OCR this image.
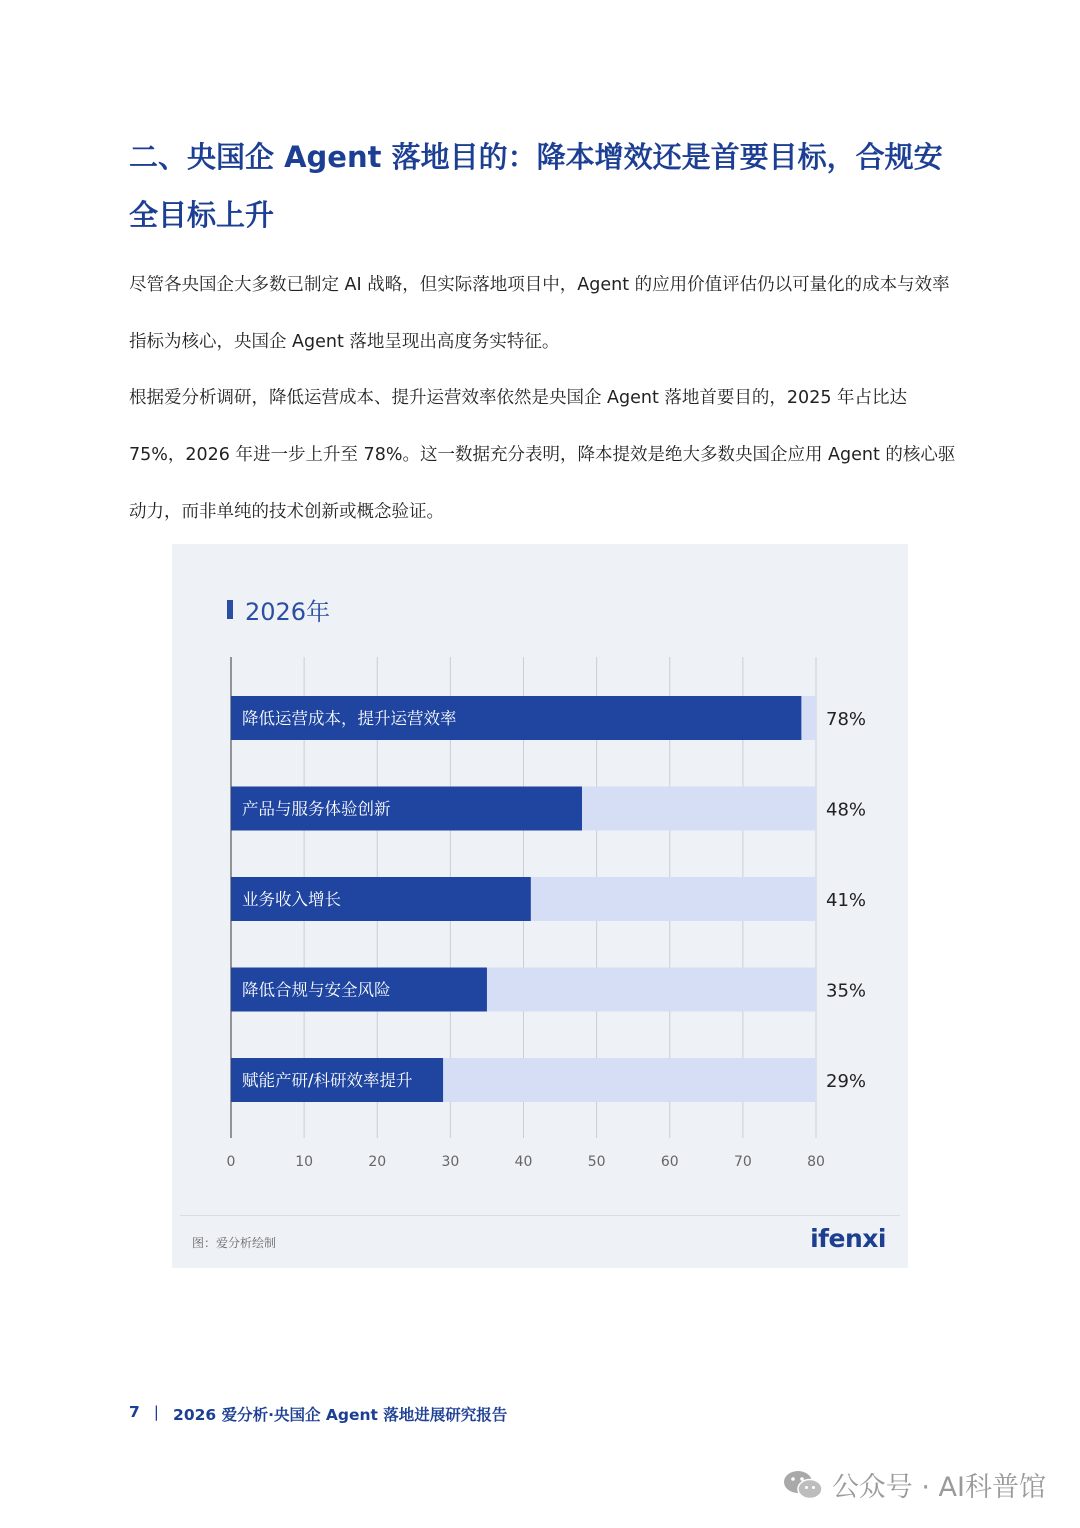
二、央国企 Agent 落地目的：降本增效还是首要目标，合规安全目标上升

尽管各央国企大多数已制定 AI 战略，但实际落地项目中，Agent 的应用价值评估仍以可量化的成本与效率指标为核心，央国企 Agent 落地呈现出高度务实特征。

根据爱分析调研，降低运营成本、提升运营效率依然是央国企 Agent 落地首要目的，2025 年占比达 75%，2026 年进一步上升至 78%。这一数据充分表明，降本提效是绝大多数央国企应用 Agent 的核心驱动力，而非单纯的技术创新或概念验证。

0	10	20	30	40	50	60	70	80
降低运营成本，提升运营效率	78%
产品与服务体验创新	48%
业务收入增长	41%
降低合规与安全风险	35%
赋能产研/科研效率提升	29%
2026年
图：爱分析绘制	ifenxi
7 | 2026 爱分析·央国企 Agent 落地进展研究报告
公众号 · AI科普馆
